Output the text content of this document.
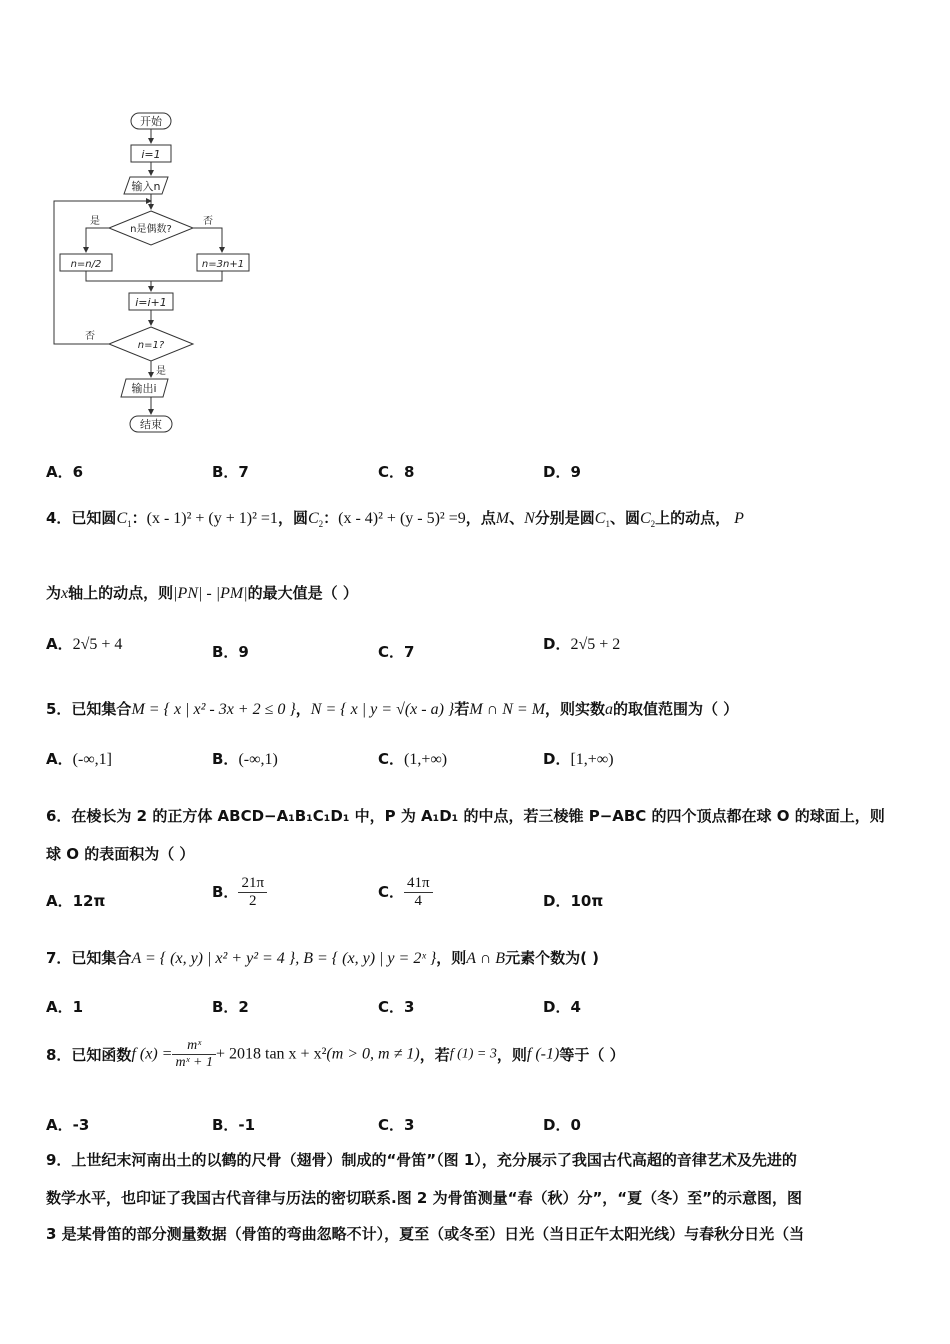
开始
i=1
输入n
n是偶数?
是	否
n=n/2	n=3n+1
i=i+1
n=1?
否
是
输出i
结束
A．6	B．7	C．8	D．9
4．已知圆$C_1$：(x - 1)² + (y + 1)² =1，圆$C_2$：(x - 4)² + (y - 5)² =9，点M、N分别是圆$C_1$、圆$C_2$上的动点， P
为x轴上的动点，则|PN| - |PM|的最大值是（ ）
A．2√5 + 4	B．9	C．7	D．2√5 + 2
5．已知集合M = { x | x² - 3x + 2 ≤ 0 }，N = { x | y = √(x - a) }若M ∩ N = M，则实数a的取值范围为（ ）
A．(-∞,1]	B．(-∞,1)	C．(1,+∞)	D．[1,+∞)
6．在棱长为 2 的正方体 ABCD−A₁B₁C₁D₁ 中，P 为 A₁D₁ 的中点，若三棱锥 P−ABC 的四个顶点都在球 O 的球面上，则
球 O 的表面积为（ ）
A．12π	B． $\frac{21\pi}{2}$	C． $\frac{41\pi}{4}$	D．10π
7．已知集合A = { (x, y) | x² + y² = 4 }, B = { (x, y) | y = 2ˣ }，则A ∩ B元素个数为( )
A．1	B．2	C．3	D．4
8．已知函数f $(x) = \frac{\text{mˣ}}{\text{mˣ + 1}} + 2018$ tan x + x²(m > 0, m ≠ 1)，若f (1) = 3，则f (-1)等于（ ）
A．-3	B．-1	C．3	D．0
9．上世纪末河南出土的以鹤的尺骨（翅骨）制成的“骨笛”（图 1），充分展示了我国古代高超的音律艺术及先进的
数学水平，也印证了我国古代音律与历法的密切联系.图 2 为骨笛测量“春（秋）分”，“夏（冬）至”的示意图，图
3 是某骨笛的部分测量数据（骨笛的弯曲忽略不计），夏至（或冬至）日光（当日正午太阳光线）与春秋分日光（当
